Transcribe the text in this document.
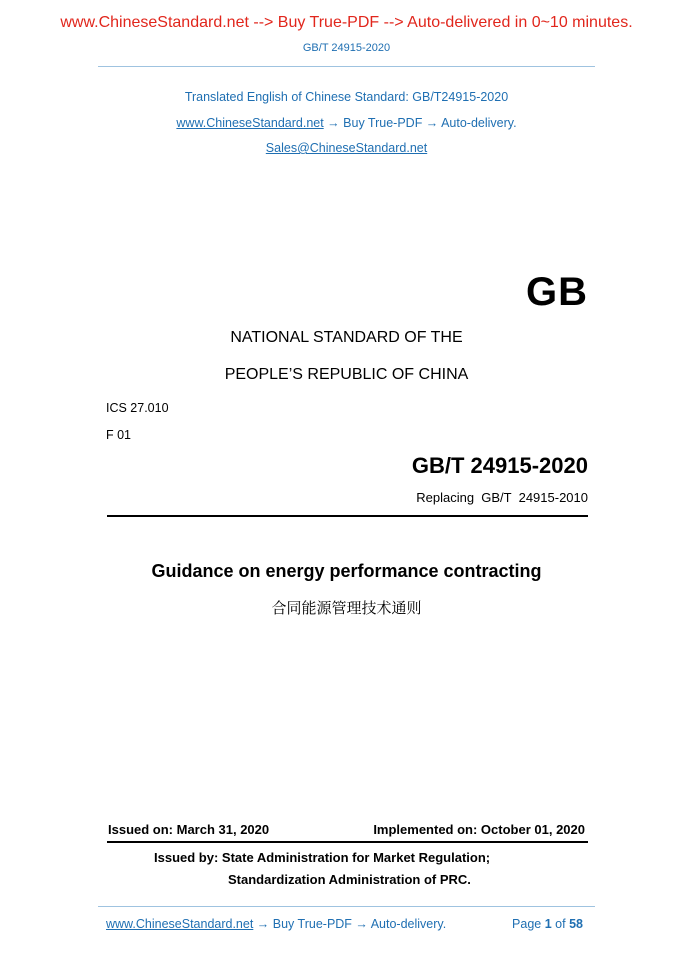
www.ChineseStandard.net --> Buy True-PDF --> Auto-delivered in 0~10 minutes.
GB/T 24915-2020
Translated English of Chinese Standard: GB/T24915-2020
www.ChineseStandard.net → Buy True-PDF → Auto-delivery.
Sales@ChineseStandard.net
GB
NATIONAL STANDARD OF THE
PEOPLE’S REPUBLIC OF CHINA
ICS 27.010
F 01
GB/T 24915-2020
Replacing  GB/T  24915-2010
Guidance on energy performance contracting
合同能源管理技术通则
Issued on: March 31, 2020	Implemented on: October 01, 2020
Issued by: State Administration for Market Regulation;
Standardization Administration of PRC.
www.ChineseStandard.net → Buy True-PDF → Auto-delivery.	Page 1 of 58
